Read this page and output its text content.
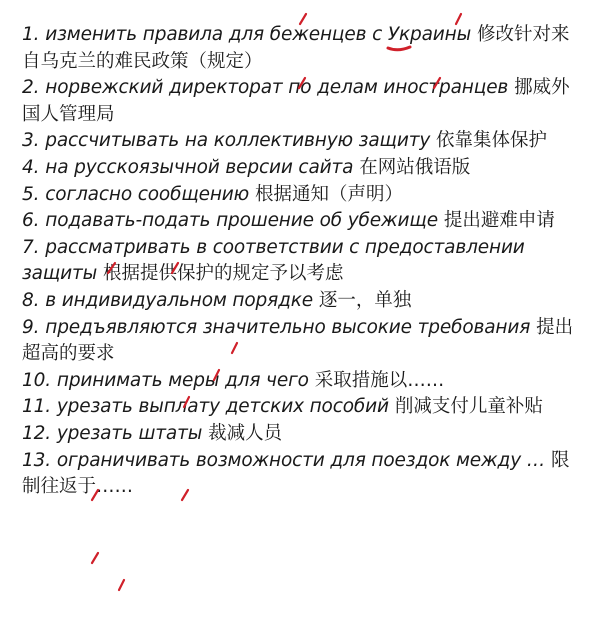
1. изменить правила для беженцев с Украины 修改针对来自乌克兰的难民政策（规定）
2. норвежский директорат по делам иностранцев 挪威外国人管理局
3. рассчитывать на коллективную защиту 依靠集体保护
4. на русскоязычной версии сайта 在网站俄语版
5. согласно сообщению 根据通知（声明）
6. подавать-подать прошение об убежище 提出避难申请
7. рассматривать в соответствии с предоставлении защиты 根据提供保护的规定予以考虑
8. в индивидуальном порядке 逐一，单独
9. предъявляются значительно высокие требования 提出超高的要求
10. принимать меры для чего 采取措施以……
11. урезать выплату детских пособий 削减支付儿童补贴
12. урезать штаты 裁减人员
13. ограничивать возможности для поездок между … 限制往返于……
